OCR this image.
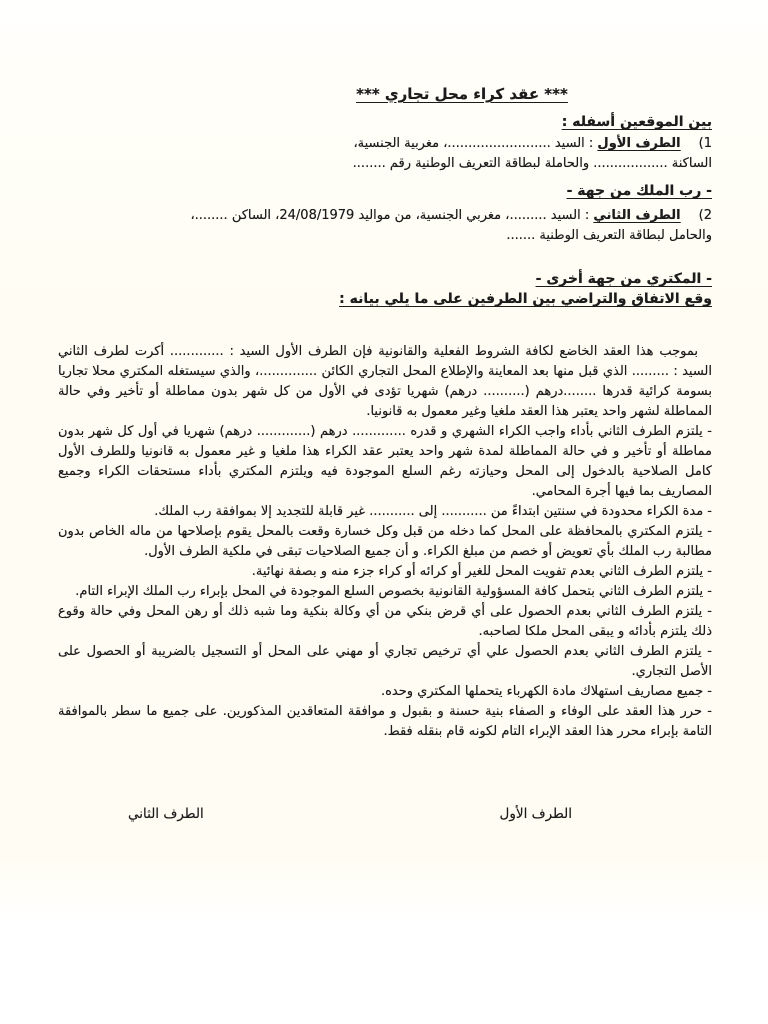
*** عقد كراء محل تجاري ***
بين الموقعين أسفله :

1)الطرف الأول : السيد .........................، مغربية الجنسية،

الساكنة .................. والحاملة لبطاقة التعريف الوطنية رقم ........

- رب الملك من جهة -

2)الطرف الثاني : السيد .........، مغربي الجنسية، من مواليد 24/08/1979، الساكن ........،

والحامل لبطاقة التعريف الوطنية .......

- المكتري من جهة أخرى -

وقع الاتفاق والتراضي بين الطرفين على ما يلي بيانه :

بموجب هذا العقد الخاضع لكافة الشروط الفعلية والقانونية فإن الطرف الأول السيد : ............. أكرت لطرف الثاني السيد : ......... الذي قبل منها بعد المعاينة والإطلاع المحل التجاري الكائن ..............، والذي سيستغله المكتري محلا تجاريا بسومة كرائية قدرها ........درهم (.......... درهم) شهريا تؤدى في الأول من كل شهر بدون مماطلة أو تأخير وفي حالة المماطلة لشهر واحد يعتبر هذا العقد ملغيا وغير معمول به قانونيا.

- يلتزم الطرف الثاني بأداء واجب الكراء الشهري و قدره ............. درهم (............. درهم) شهريا في أول كل شهر بدون مماطلة أو تأخير و في حالة المماطلة لمدة شهر واحد يعتبر عقد الكراء هذا ملغيا و غير معمول به قانونيا وللطرف الأول كامل الصلاحية بالدخول إلى المحل وحيازته رغم السلع الموجودة فيه ويلتزم المكتري بأداء مستحقات الكراء وجميع المصاريف بما فيها أجرة المحامي.

- مدة الكراء محدودة في سنتين ابتداءً من ........... إلى ........... غير قابلة للتجديد إلا بموافقة رب الملك.

- يلتزم المكتري بالمحافظة على المحل كما دخله من قبل وكل خسارة وقعت بالمحل يقوم بإصلاحها من ماله الخاص بدون مطالبة رب الملك بأي تعويض أو خصم من مبلغ الكراء. و أن جميع الصلاحيات تبقى في ملكية الطرف الأول.

- يلتزم الطرف الثاني بعدم تفويت المحل للغير أو كرائه أو كراء جزء منه و بصفة نهائية.

- يلتزم الطرف الثاني بتحمل كافة المسؤولية القانونية بخصوص السلع الموجودة في المحل بإبراء رب الملك الإبراء التام.

- يلتزم الطرف الثاني بعدم الحصول على أي قرض بنكي من أي وكالة بنكية وما شبه ذلك أو رهن المحل وفي حالة وقوع ذلك يلتزم بأدائه و يبقى المحل ملكا لصاحبه.

- يلتزم الطرف الثاني بعدم الحصول علي أي ترخيص تجاري أو مهني على المحل أو التسجيل بالضريبة أو الحصول على الأصل التجاري.

- جميع مصاريف استهلاك مادة الكهرباء يتحملها المكتري وحده.

- حرر هذا العقد على الوفاء و الصفاء بنية حسنة و بقبول و موافقة المتعاقدين المذكورين. على جميع ما سطر بالموافقة التامة بإبراء محرر هذا العقد الإبراء التام لكونه قام بنقله فقط.

الطرف الأول
الطرف الثاني
